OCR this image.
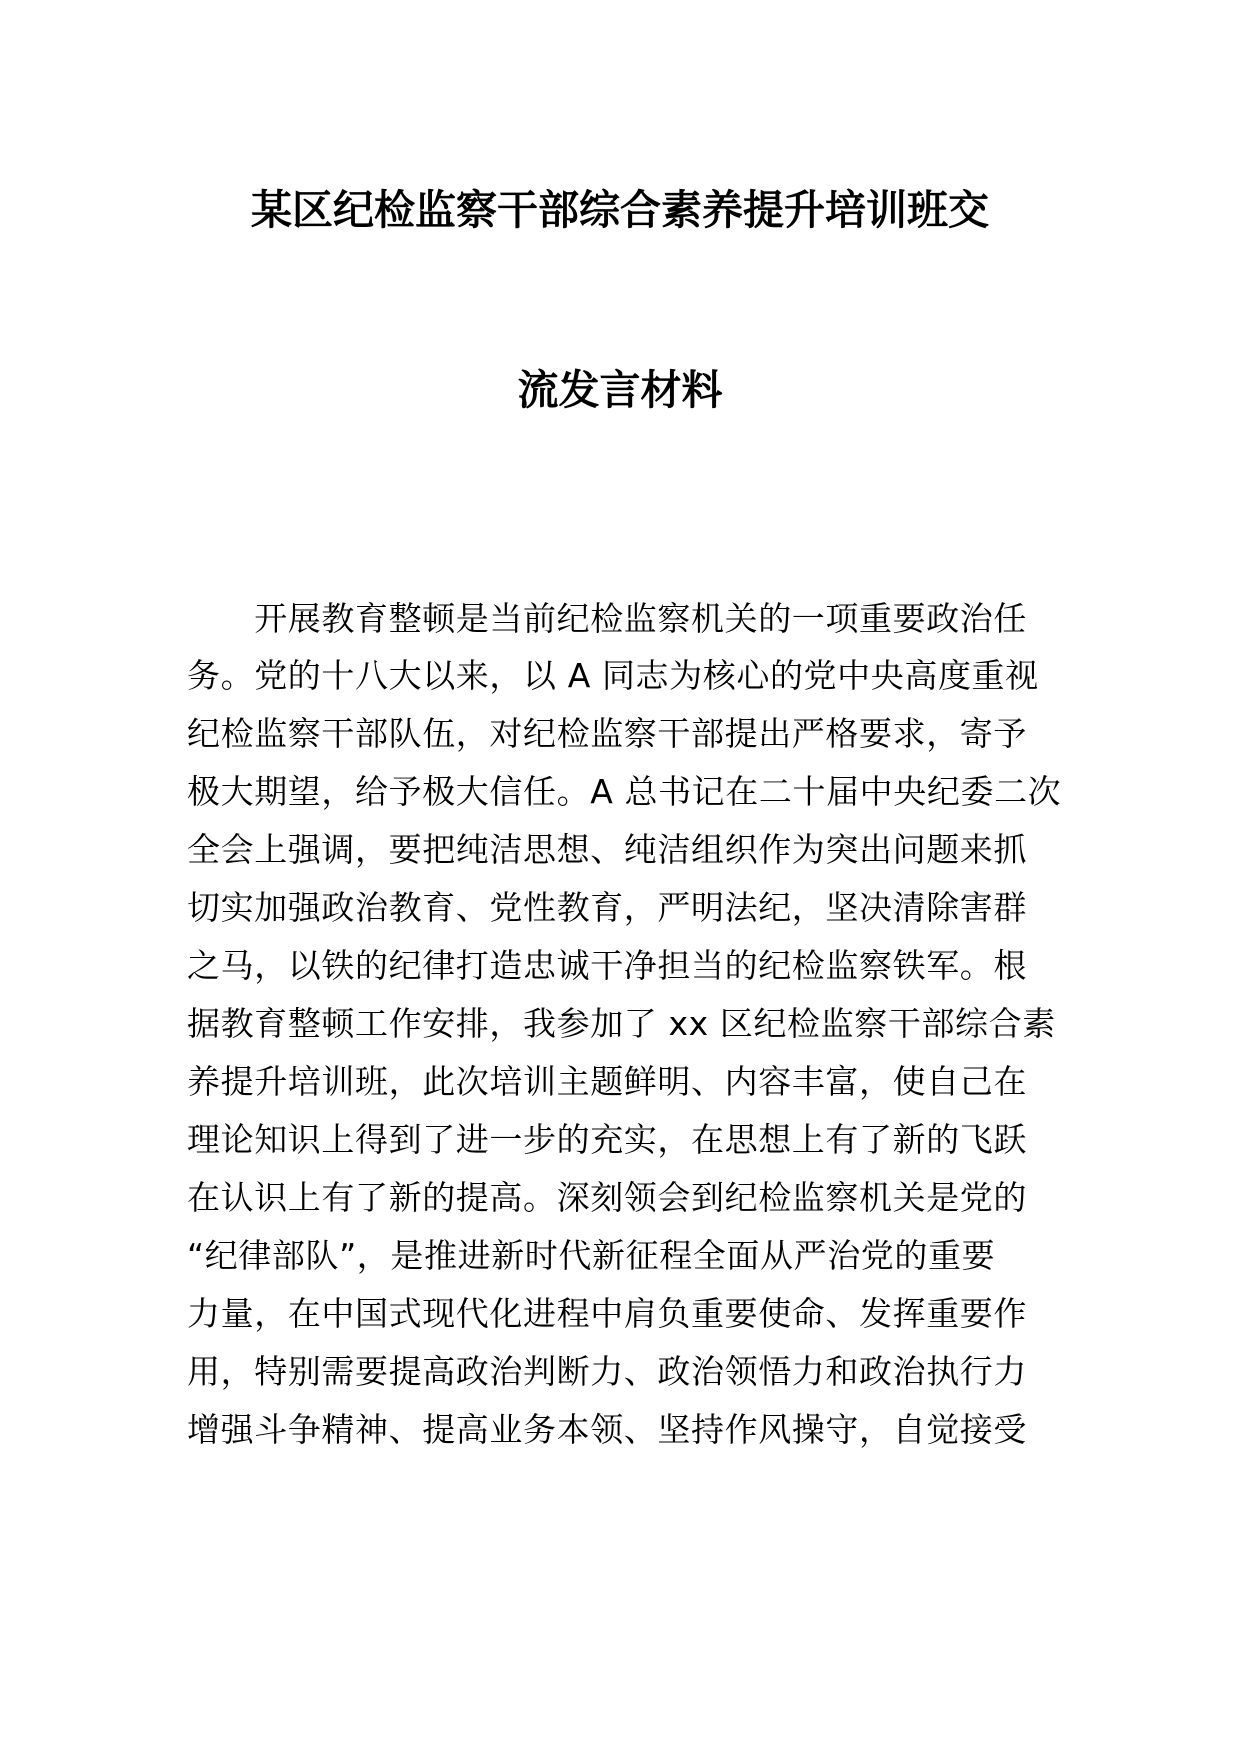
某区纪检监察干部综合素养提升培训班交
流发言材料
　　开展教育整顿是当前纪检监察机关的一项重要政治任
务。党的十八大以来，以 A 同志为核心的党中央高度重视
纪检监察干部队伍，对纪检监察干部提出严格要求，寄予
极大期望，给予极大信任。A 总书记在二十届中央纪委二次
全会上强调，要把纯洁思想、纯洁组织作为突出问题来抓
切实加强政治教育、党性教育，严明法纪，坚决清除害群
之马，以铁的纪律打造忠诚干净担当的纪检监察铁军。根
据教育整顿工作安排，我参加了 xx 区纪检监察干部综合素
养提升培训班，此次培训主题鲜明、内容丰富，使自己在
理论知识上得到了进一步的充实，在思想上有了新的飞跃
在认识上有了新的提高。深刻领会到纪检监察机关是党的
“纪律部队”，是推进新时代新征程全面从严治党的重要
力量，在中国式现代化进程中肩负重要使命、发挥重要作
用，特别需要提高政治判断力、政治领悟力和政治执行力
增强斗争精神、提高业务本领、坚持作风操守，自觉接受
